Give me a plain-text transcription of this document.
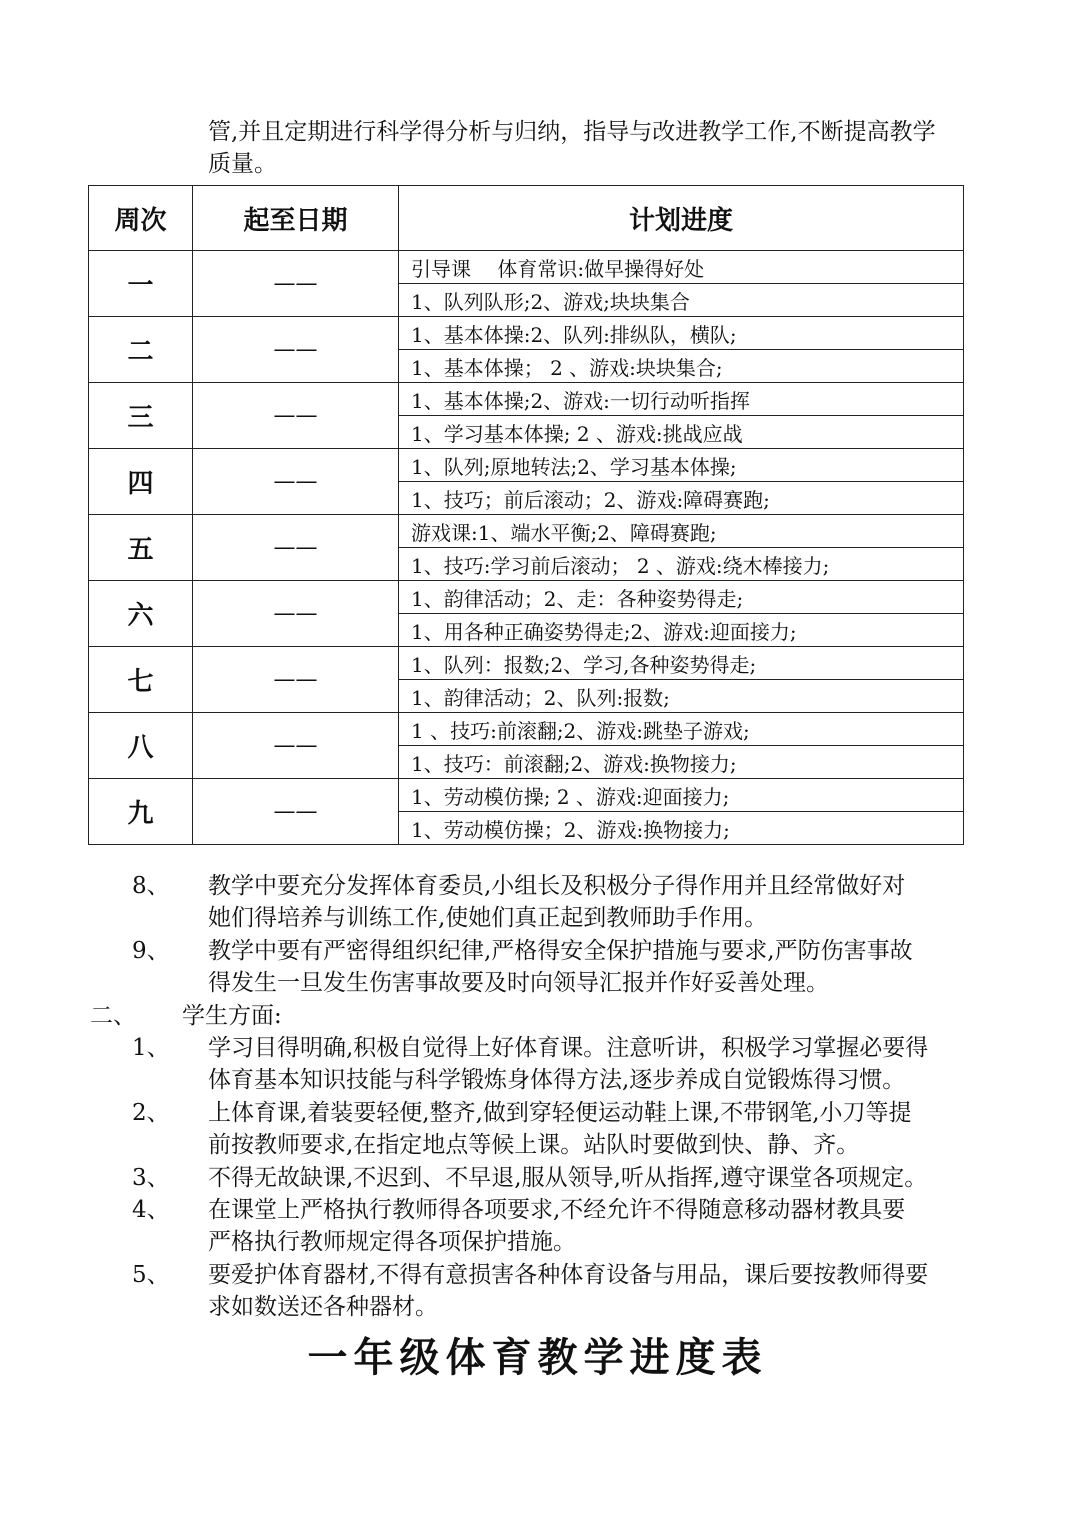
管,并且定期进行科学得分析与归纳，指导与改进教学工作,不断提高教学
质量。
周次	起至日期	计划进度
一	——	引导课　 体育常识:做早操得好处
		1、队列队形;2、游戏;块块集合
二	——	1、基本体操:2、队列:排纵队，横队;
		1、基本体操； 2 、游戏:块块集合;
三	——	1、基本体操;2、游戏:一切行动听指挥
		1、学习基本体操; 2 、游戏:挑战应战
四	——	1、队列;原地转法;2、学习基本体操;
		1、技巧；前后滚动；2、游戏:障碍赛跑;
五	——	游戏课:1、端水平衡;2、障碍赛跑;
		1、技巧:学习前后滚动； 2 、游戏:绕木棒接力;
六	——	1、韵律活动；2、走：各种姿势得走;
		1、用各种正确姿势得走;2、游戏:迎面接力;
七	——	1、队列：报数;2、学习,各种姿势得走;
		1、韵律活动；2、队列:报数;
八	——	1 、技巧:前滚翻;2、游戏:跳垫子游戏;
		1、技巧：前滚翻;2、游戏:换物接力;
九	——	1、劳动模仿操; 2 、游戏:迎面接力;
		1、劳动模仿操；2、游戏:换物接力;
8、 教学中要充分发挥体育委员,小组长及积极分子得作用并且经常做好对
她们得培养与训练工作,使她们真正起到教师助手作用。
9、 教学中要有严密得组织纪律,严格得安全保护措施与要求,严防伤害事故
得发生一旦发生伤害事故要及时向领导汇报并作好妥善处理。
二、 学生方面:
1、 学习目得明确,积极自觉得上好体育课。注意听讲，积极学习掌握必要得
体育基本知识技能与科学锻炼身体得方法,逐步养成自觉锻炼得习惯。
2、 上体育课,着装要轻便,整齐,做到穿轻便运动鞋上课,不带钢笔,小刀等提
前按教师要求,在指定地点等候上课。站队时要做到快、静、齐。
3、 不得无故缺课,不迟到、不早退,服从领导,听从指挥,遵守课堂各项规定。
4、 在课堂上严格执行教师得各项要求,不经允许不得随意移动器材教具要
严格执行教师规定得各项保护措施。
5、 要爱护体育器材,不得有意损害各种体育设备与用品，课后要按教师得要
求如数送还各种器材。
一年级体育教学进度表
